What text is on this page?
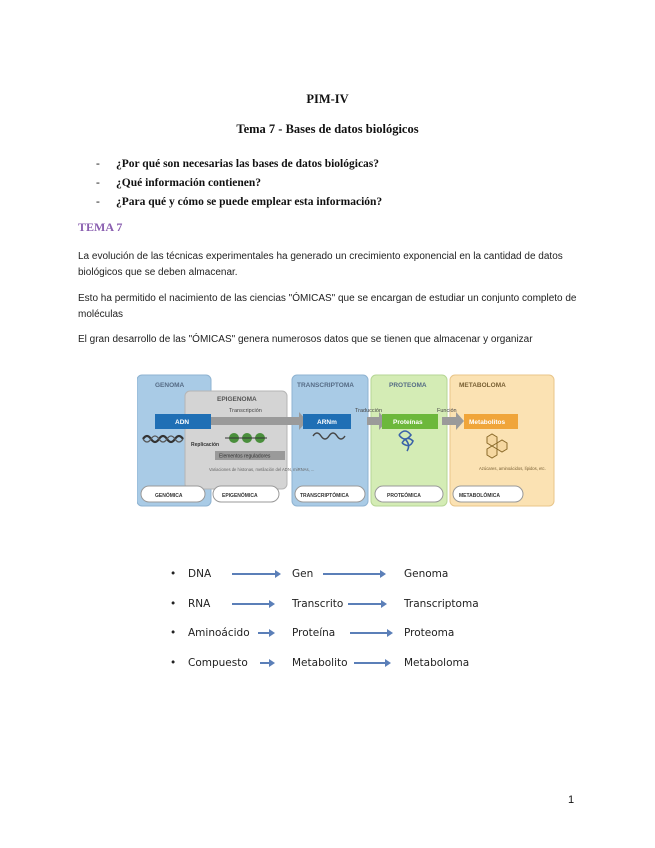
PIM-IV
Tema 7 - Bases de datos biológicos
- ¿Por qué son necesarias las bases de datos biológicas?
- ¿Qué información contienen?
- ¿Para qué y cómo se puede emplear esta información?
TEMA 7
La evolución de las técnicas experimentales ha generado un crecimiento exponencial en la cantidad de datos biológicos que se deben almacenar.
Esto ha permitido el nacimiento de las ciencias "ÓMICAS" que se encargan de estudiar un conjunto completo de moléculas
El gran desarrollo de las "ÓMICAS" genera numerosos datos que se tienen que almacenar y organizar
GENOMA
EPIGENOMA
TRANSCRIPTOMA	PROTEOMA	METABOLOMA
Transcripción	Traducción	Función
ADN	ARNm	Proteínas	Metabolitos
Replicación
Elementos reguladores
Variaciones de histonas, metilación del ADN, miRNAs, ...	Azúcares, aminoácidos, lípidos, etc.
GENÓMICA	EPIGENÓMICA	TRANSCRIPTÓMICA	PROTEÓMICA	METABOLÓMICA
• DNA	Gen	Genoma
• RNA	Transcrito	Transcriptoma
• Aminoácido	Proteína	Proteoma
• Compuesto	Metabolito	Metaboloma
1
